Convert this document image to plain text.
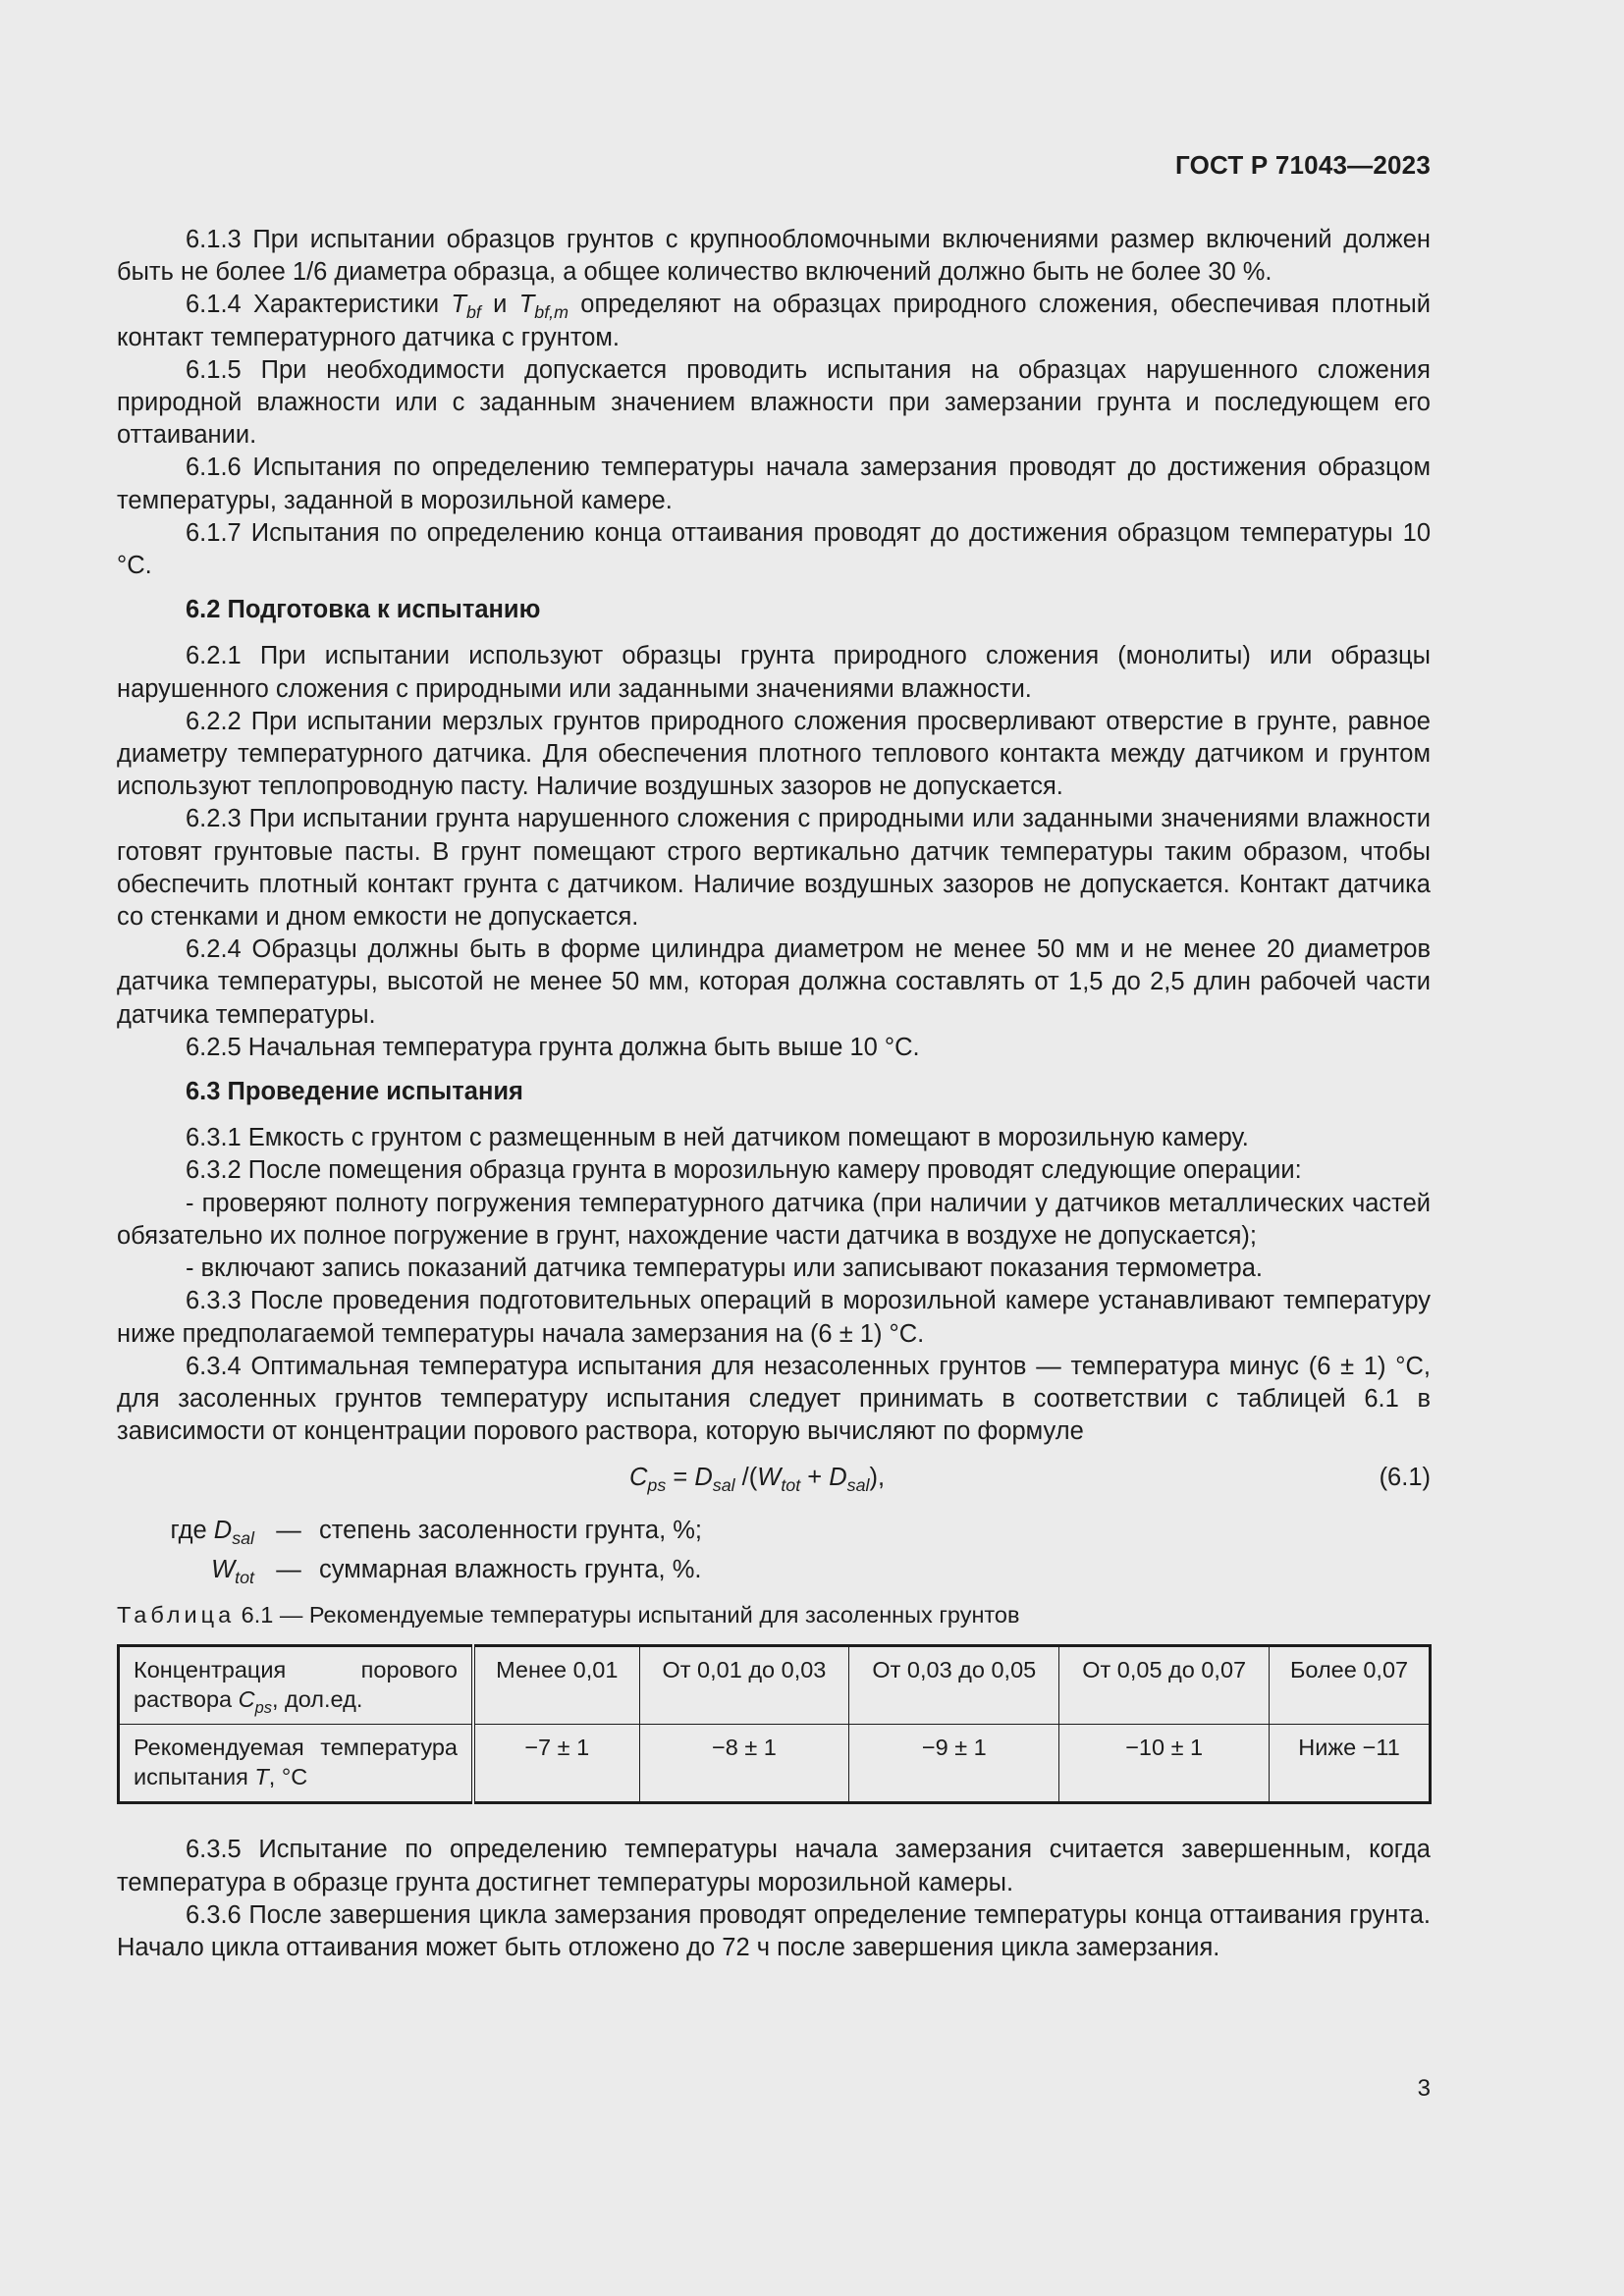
ГОСТ Р 71043—2023

6.1.3 При испытании образцов грунтов с крупнообломочными включениями размер включений должен быть не более 1/6 диаметра образца, а общее количество включений должно быть не более 30 %.

6.1.4 Характеристики $T_{bf}$ и $T_{bf,m}$ определяют на образцах природного сложения, обеспечивая плотный контакт температурного датчика с грунтом.

6.1.5 При необходимости допускается проводить испытания на образцах нарушенного сложения природной влажности или с заданным значением влажности при замерзании грунта и последующем его оттаивании.

6.1.6 Испытания по определению температуры начала замерзания проводят до достижения образцом температуры, заданной в морозильной камере.

6.1.7 Испытания по определению конца оттаивания проводят до достижения образцом температуры 10 °С.

6.2 Подготовка к испытанию

6.2.1 При испытании используют образцы грунта природного сложения (монолиты) или образцы нарушенного сложения с природными или заданными значениями влажности.

6.2.2 При испытании мерзлых грунтов природного сложения просверливают отверстие в грунте, равное диаметру температурного датчика. Для обеспечения плотного теплового контакта между датчиком и грунтом используют теплопроводную пасту. Наличие воздушных зазоров не допускается.

6.2.3 При испытании грунта нарушенного сложения с природными или заданными значениями влажности готовят грунтовые пасты. В грунт помещают строго вертикально датчик температуры таким образом, чтобы обеспечить плотный контакт грунта с датчиком. Наличие воздушных зазоров не допускается. Контакт датчика со стенками и дном емкости не допускается.

6.2.4 Образцы должны быть в форме цилиндра диаметром не менее 50 мм и не менее 20 диаметров датчика температуры, высотой не менее 50 мм, которая должна составлять от 1,5 до 2,5 длин рабочей части датчика температуры.

6.2.5 Начальная температура грунта должна быть выше 10 °С.

6.3 Проведение испытания

6.3.1 Емкость с грунтом с размещенным в ней датчиком помещают в морозильную камеру.

6.3.2 После помещения образца грунта в морозильную камеру проводят следующие операции:

- проверяют полноту погружения температурного датчика (при наличии у датчиков металлических частей обязательно их полное погружение в грунт, нахождение части датчика в воздухе не допускается);

- включают запись показаний датчика температуры или записывают показания термометра.

6.3.3 После проведения подготовительных операций в морозильной камере устанавливают температуру ниже предполагаемой температуры начала замерзания на (6 ± 1) °С.

6.3.4 Оптимальная температура испытания для незасоленных грунтов — температура минус (6 ± 1) °С, для засоленных грунтов температуру испытания следует принимать в соответствии с таблицей 6.1 в зависимости от концентрации порового раствора, которую вычисляют по формуле

$C_{ps} = D_{sal}$ $/(W_{tot} + D_{sal})$,	(6.1)
где $D_{sal}$ — степень засоленности грунта, %;
$W_{tot}$ — суммарная влажность грунта, %.
Таблица 6.1 — Рекомендуемые температуры испытаний для засоленных грунтов
Концентрация порового раствора $C_{ps}$, дол.ед.	Менее 0,01	От 0,01 до 0,03	От 0,03 до 0,05	От 0,05 до 0,07	Более 0,07
Рекомендуемая температура испытания T, °С	−7 ± 1	−8 ± 1	−9 ± 1	−10 ± 1	Ниже −11

6.3.5 Испытание по определению температуры начала замерзания считается завершенным, когда температура в образце грунта достигнет температуры морозильной камеры.

6.3.6 После завершения цикла замерзания проводят определение температуры конца оттаивания грунта. Начало цикла оттаивания может быть отложено до 72 ч после завершения цикла замерзания.

3
